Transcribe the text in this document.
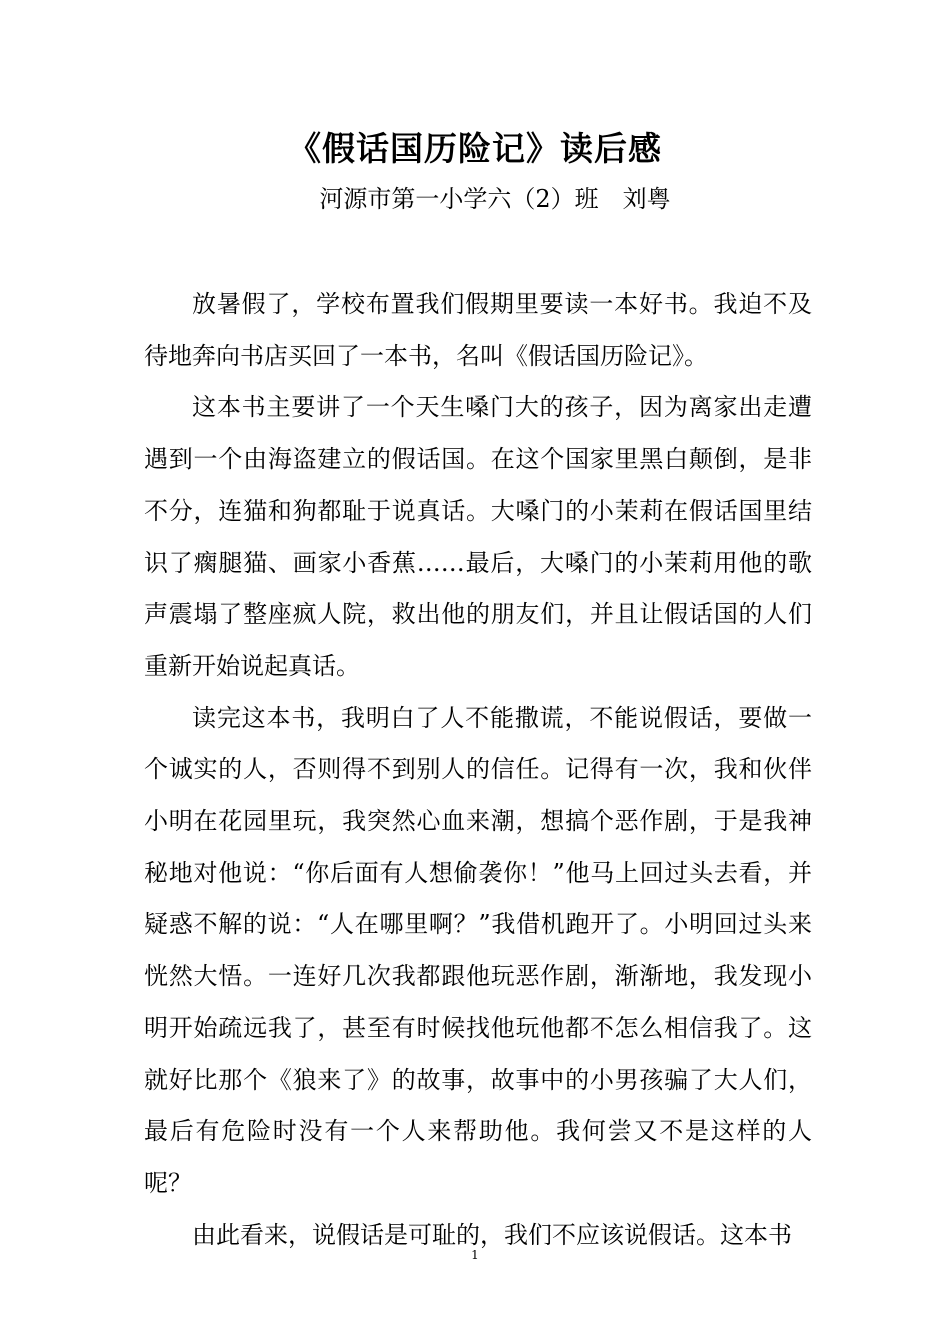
《假话国历险记》读后感
河源市第一小学六（2）班　刘粤

放暑假了，学校布置我们假期里要读一本好书。我迫不及待地奔向书店买回了一本书，名叫《假话国历险记》。

这本书主要讲了一个天生嗓门大的孩子，因为离家出走遭遇到一个由海盗建立的假话国。在这个国家里黑白颠倒，是非不分，连猫和狗都耻于说真话。大嗓门的小茉莉在假话国里结识了瘸腿猫、画家小香蕉……最后，大嗓门的小茉莉用他的歌声震塌了整座疯人院，救出他的朋友们，并且让假话国的人们重新开始说起真话。

读完这本书，我明白了人不能撒谎，不能说假话，要做一个诚实的人，否则得不到别人的信任。记得有一次，我和伙伴小明在花园里玩，我突然心血来潮，想搞个恶作剧，于是我神秘地对他说：“你后面有人想偷袭你！”他马上回过头去看，并疑惑不解的说：“人在哪里啊？”我借机跑开了。小明回过头来恍然大悟。一连好几次我都跟他玩恶作剧，渐渐地，我发现小明开始疏远我了，甚至有时候找他玩他都不怎么相信我了。这就好比那个《狼来了》的故事，故事中的小男孩骗了大人们，最后有危险时没有一个人来帮助他。我何尝又不是这样的人呢？

由此看来，说假话是可耻的，我们不应该说假话。这本书

1
